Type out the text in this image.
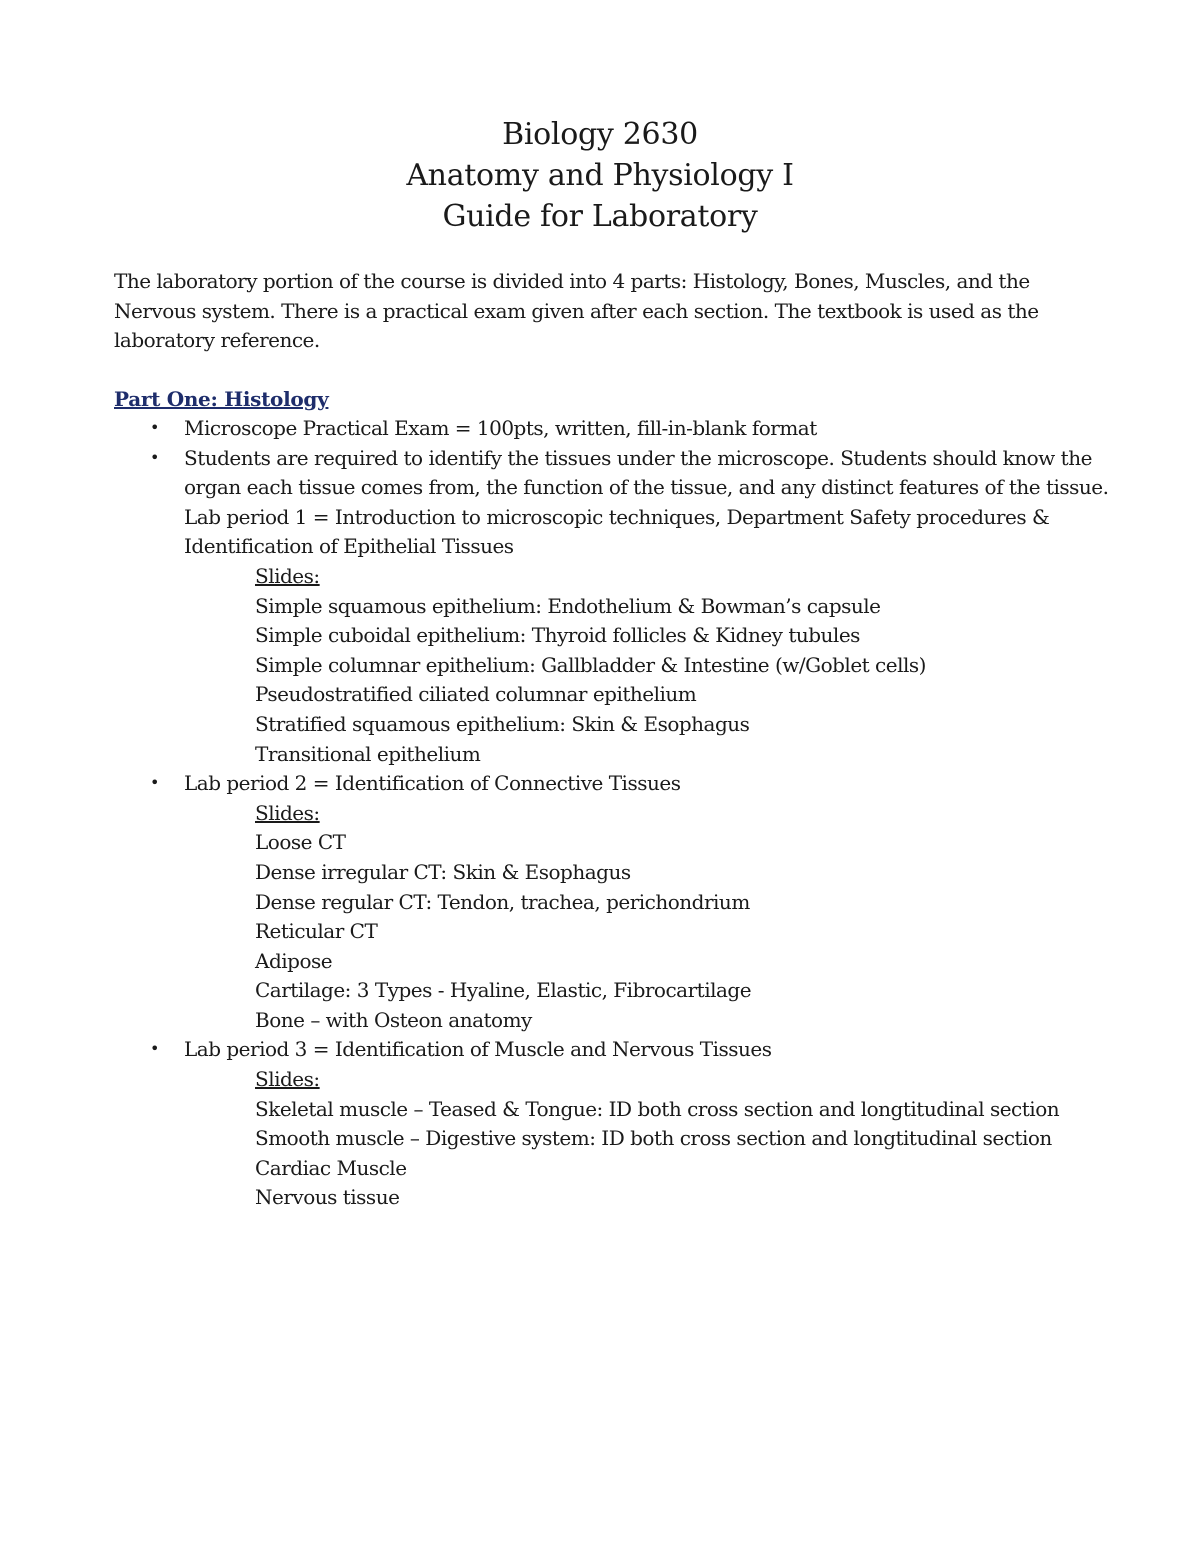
Biology 2630
Anatomy and Physiology I
Guide for Laboratory
The laboratory portion of the course is divided into 4 parts: Histology, Bones, Muscles, and the
Nervous system. There is a practical exam given after each section. The textbook is used as the
laboratory reference.
Part One: Histology
• Microscope Practical Exam = 100pts, written, fill-in-blank format
• Students are required to identify the tissues under the microscope. Students should know the
organ each tissue comes from, the function of the tissue, and any distinct features of the tissue.
Lab period 1 = Introduction to microscopic techniques, Department Safety procedures &
Identification of Epithelial Tissues
Slides:
Simple squamous epithelium: Endothelium & Bowman’s capsule
Simple cuboidal epithelium: Thyroid follicles & Kidney tubules
Simple columnar epithelium: Gallbladder & Intestine (w/Goblet cells)
Pseudostratified ciliated columnar epithelium
Stratified squamous epithelium: Skin & Esophagus
Transitional epithelium
• Lab period 2 = Identification of Connective Tissues
Slides:
Loose CT
Dense irregular CT: Skin & Esophagus
Dense regular CT: Tendon, trachea, perichondrium
Reticular CT
Adipose
Cartilage: 3 Types - Hyaline, Elastic, Fibrocartilage
Bone – with Osteon anatomy
• Lab period 3 = Identification of Muscle and Nervous Tissues
Slides:
Skeletal muscle – Teased & Tongue: ID both cross section and longtitudinal section
Smooth muscle – Digestive system: ID both cross section and longtitudinal section
Cardiac Muscle
Nervous tissue
